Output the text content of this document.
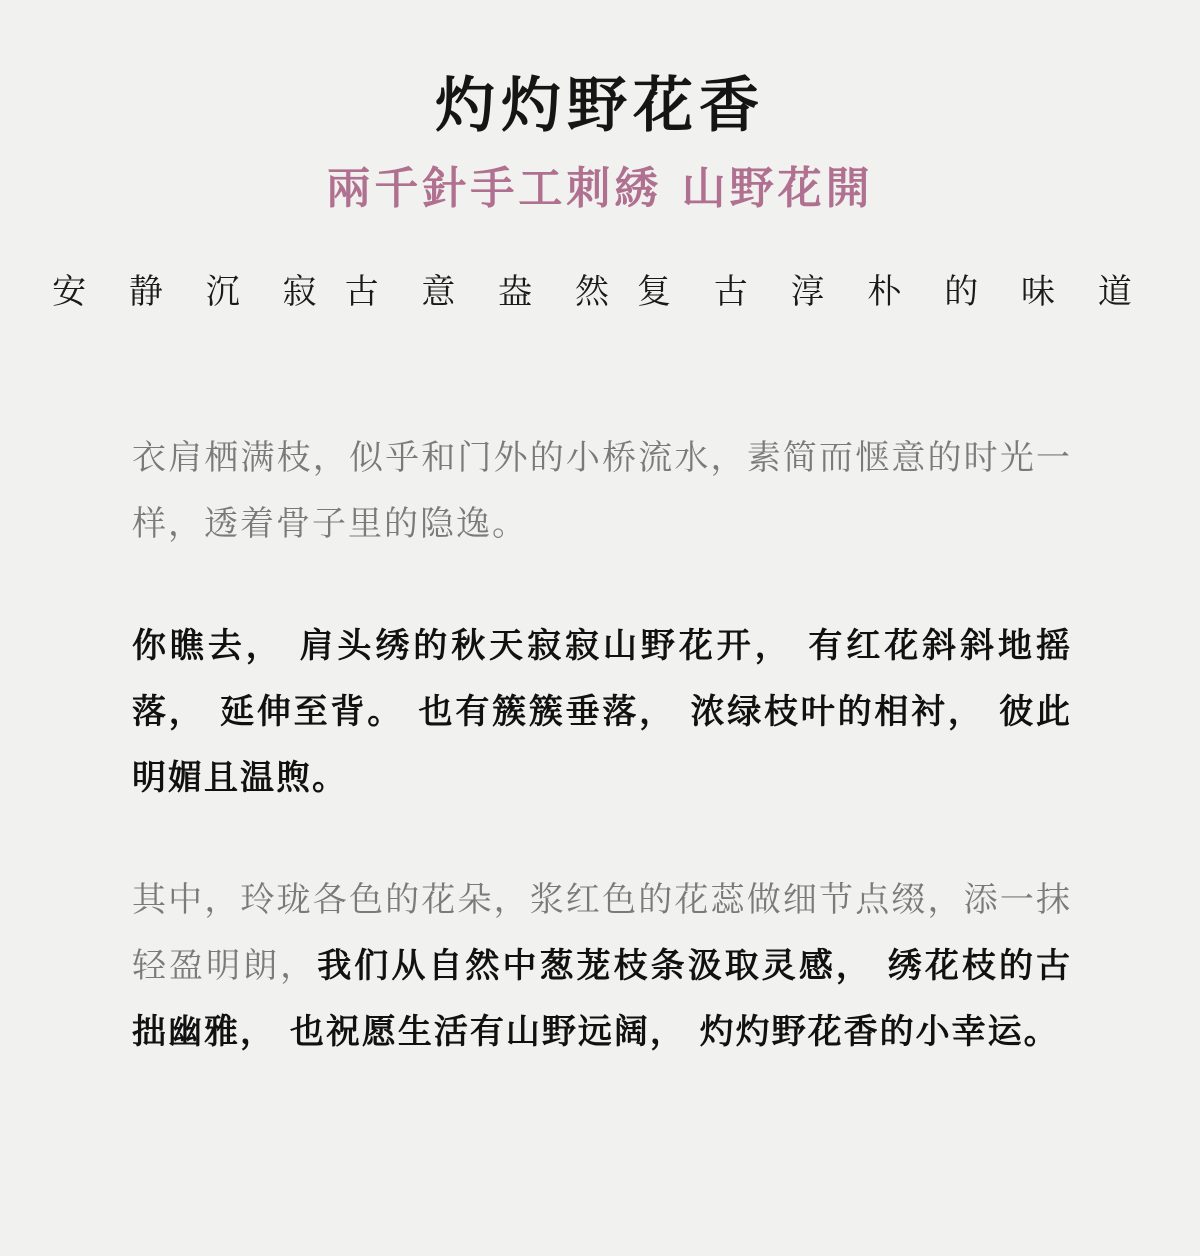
灼灼野花香
兩千針手工刺綉 山野花開
安 静 沉 寂 古 意 盎 然 复 古 淳 朴 的 味 道

衣肩栖满枝，似乎和门外的小桥流水，素简而惬意的时光一样，透着骨子里的隐逸。

你瞧去， 肩头绣的秋天寂寂山野花开， 有红花斜斜地摇落， 延伸至背。 也有簇簇垂落， 浓绿枝叶的相衬， 彼此明媚且温煦。

其中，玲珑各色的花朵，浆红色的花蕊做细节点缀，添一抹轻盈明朗，我们从自然中葱茏枝条汲取灵感， 绣花枝的古拙幽雅， 也祝愿生活有山野远阔， 灼灼野花香的小幸运。
